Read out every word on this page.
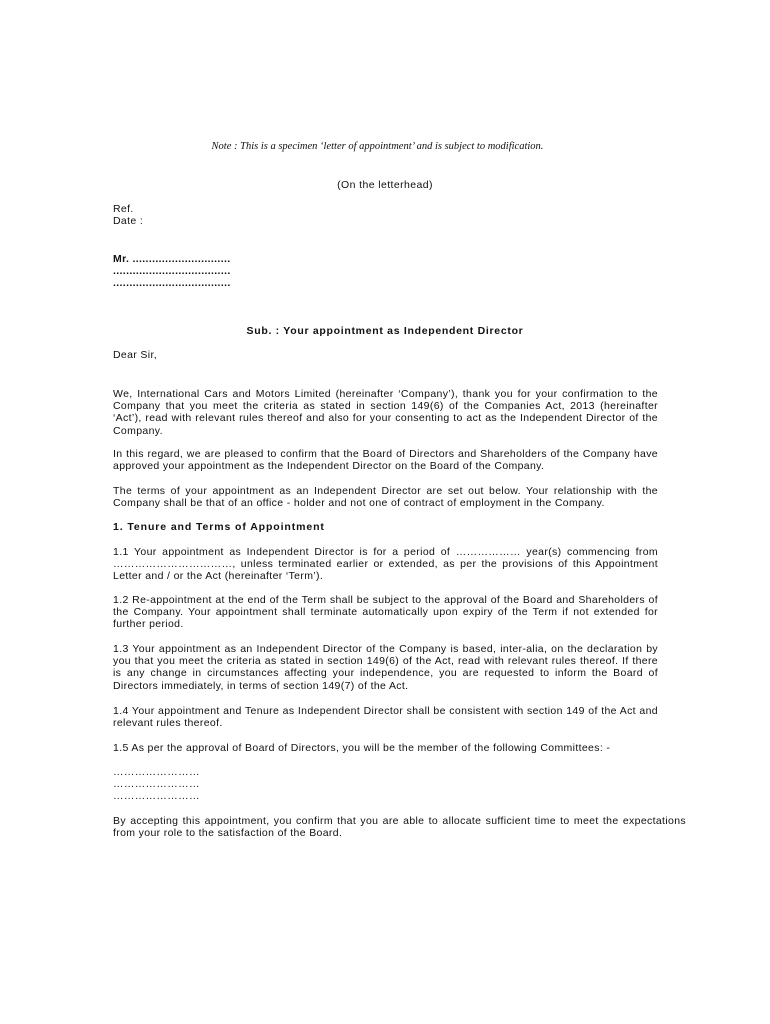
Note : This is a specimen ‘letter of appointment’ and is subject to modification.
(On the letterhead)
Ref.
Date :
Mr. ..............................
....................................
....................................
Sub. : Your appointment as Independent Director
Dear Sir,
We, International Cars and Motors Limited (hereinafter ‘Company’), thank you for your confirmation to the Company that you meet the criteria as stated in section 149(6) of the Companies Act, 2013 (hereinafter ‘Act’), read with relevant rules thereof and also for your consenting to act as the Independent Director of the Company.
In this regard, we are pleased to confirm that the Board of Directors and Shareholders of the Company have approved your appointment as the Independent Director on the Board of the Company.
The terms of your appointment as an Independent Director are set out below. Your relationship with the Company shall be that of an office - holder and not one of contract of employment in the Company.
1. Tenure and Terms of Appointment
1.1 Your appointment as Independent Director is for a period of ……………… year(s) commencing from ……………………………, unless terminated earlier or extended, as per the provisions of this Appointment Letter and / or the Act (hereinafter ‘Term’).
1.2 Re-appointment at the end of the Term shall be subject to the approval of the Board and Shareholders of the Company. Your appointment shall terminate automatically upon expiry of the Term if not extended for further period.
1.3 Your appointment as an Independent Director of the Company is based, inter-alia, on the declaration by you that you meet the criteria as stated in section 149(6) of the Act, read with relevant rules thereof. If there is any change in circumstances affecting your independence, you are requested to inform the Board of Directors immediately, in terms of section 149(7) of the Act.
1.4 Your appointment and Tenure as Independent Director shall be consistent with section 149 of the Act and relevant rules thereof.
1.5 As per the approval of Board of Directors, you will be the member of the following Committees: -
……………………
……………………
……………………
By accepting this appointment, you confirm that you are able to allocate sufficient time to meet the expectations from your role to the satisfaction of the Board.
